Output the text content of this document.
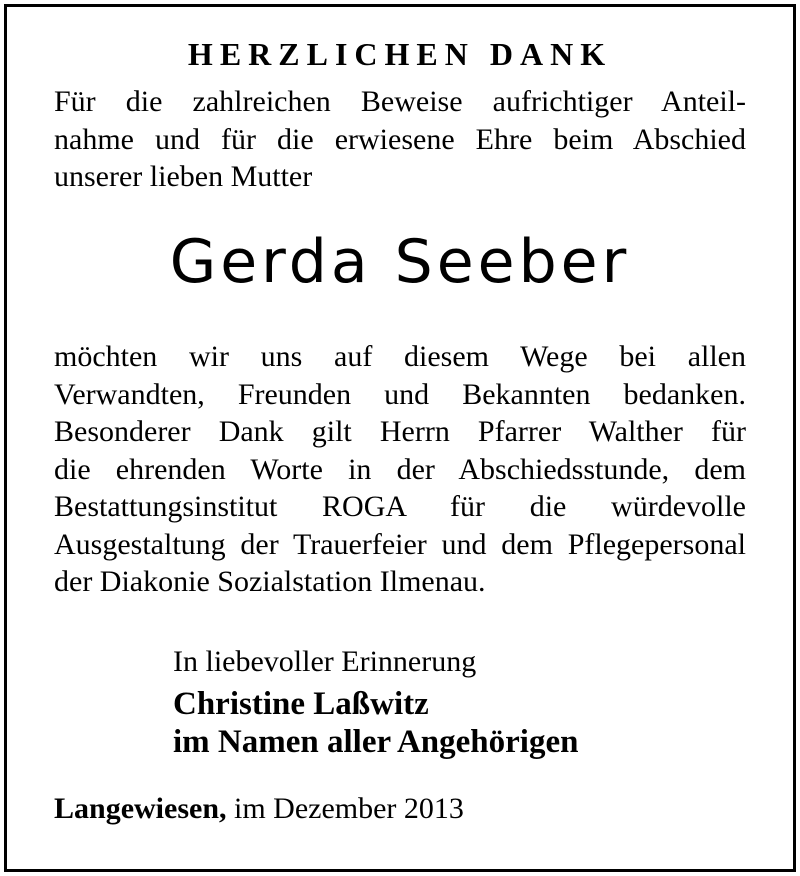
HERZLICHEN DANK
Für die zahlreichen Beweise aufrichtiger Anteil-
nahme und für die erwiesene Ehre beim Abschied
unserer lieben Mutter
Gerda Seeber
möchten wir uns auf diesem Wege bei allen
Verwandten, Freunden und Bekannten bedanken.
Besonderer Dank gilt Herrn Pfarrer Walther für
die ehrenden Worte in der Abschiedsstunde, dem
Bestattungsinstitut ROGA für die würdevolle
Ausgestaltung der Trauerfeier und dem Pflegepersonal
der Diakonie Sozialstation Ilmenau.
In liebevoller Erinnerung
Christine Laßwitz
im Namen aller Angehörigen
Langewiesen, im Dezember 2013
